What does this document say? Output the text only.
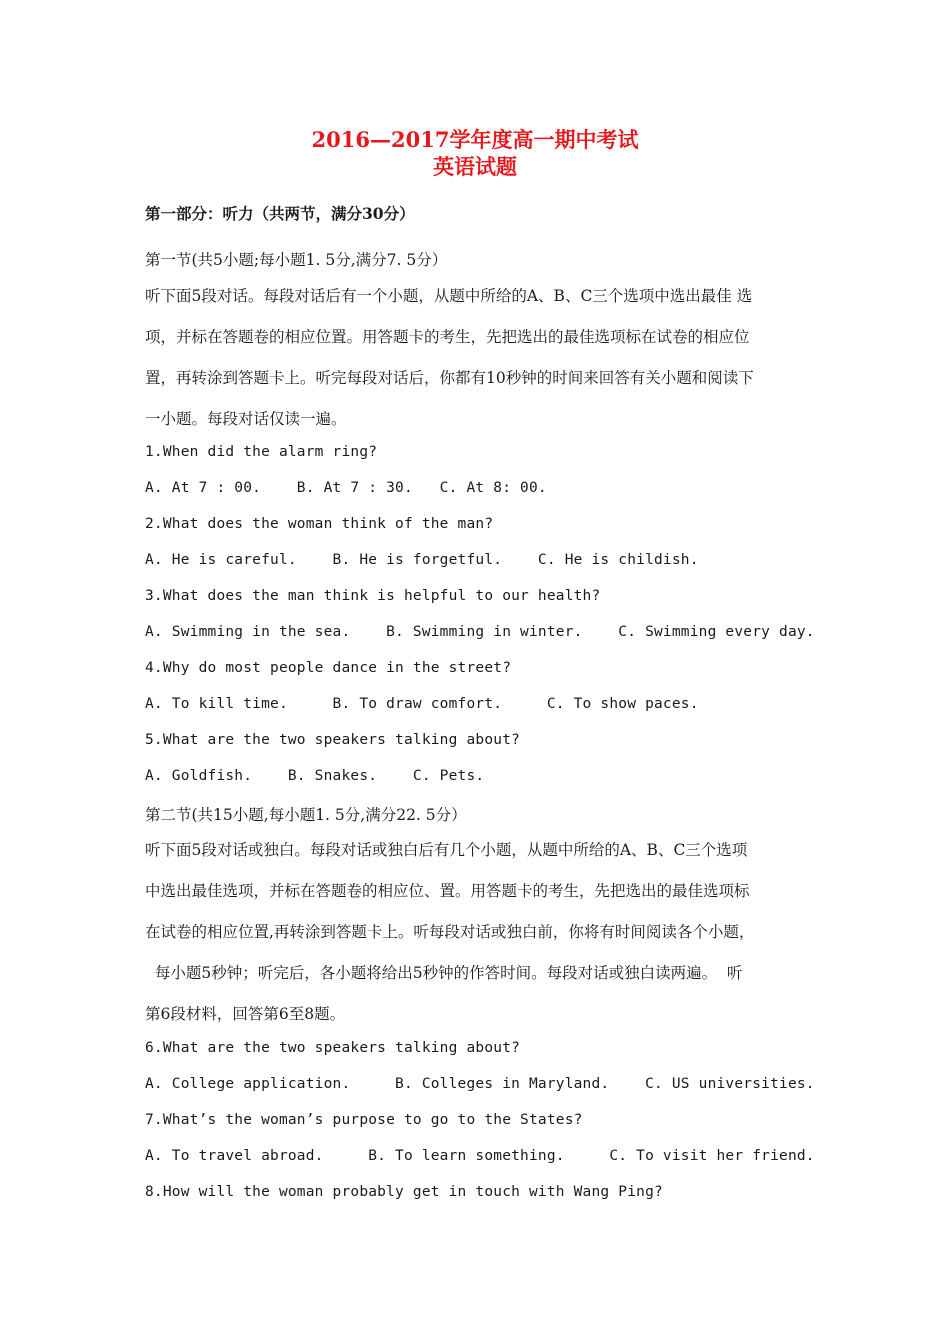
2016—2017学年度高一期中考试
英语试题
第一部分：听力（共两节，满分30分）
第一节(共5小题;每小题1. 5分,满分7. 5分）
听下面5段对话。每段对话后有一个小题，从题中所给的A、B、C三个选项中选出最佳 选
项，并标在答题卷的相应位置。用答题卡的考生，先把选出的最佳选项标在试卷的相应位
置，再转涂到答题卡上。听完每段对话后，你都有10秒钟的时间来回答有关小题和阅读下
一小题。每段对话仅读一遍。
1.When did the alarm ring?
A. At 7 : 00.    B. At 7 : 30.   C. At 8: 00.
2.What does the woman think of the man?
A. He is careful.    B. He is forgetful.    C. He is childish.
3.What does the man think is helpful to our health?
A. Swimming in the sea.    B. Swimming in winter.    C. Swimming every day.
4.Why do most people dance in the street?
A. To kill time.     B. To draw comfort.     C. To show paces.
5.What are the two speakers talking about?
A. Goldfish.    B. Snakes.    C. Pets.
第二节(共15小题,每小题1. 5分,满分22. 5分）
听下面5段对话或独白。每段对话或独白后有几个小题，从题中所给的A、B、C三个选项
中选出最佳选项，并标在答题卷的相应位、置。用答题卡的考生，先把选出的最佳选项标
在试卷的相应位置,再转涂到答题卡上。听每段对话或独白前，你将有时间阅读各个小题，
每小题5秒钟；听完后，各小题将给出5秒钟的作答时间。每段对话或独白读两遍。  听
第6段材料，回答第6至8题。
6.What are the two speakers talking about?
A. College application.     B. Colleges in Maryland.    C. US universities.
7.What’s the woman’s purpose to go to the States?
A. To travel abroad.     B. To learn something.     C. To visit her friend.
8.How will the woman probably get in touch with Wang Ping?
